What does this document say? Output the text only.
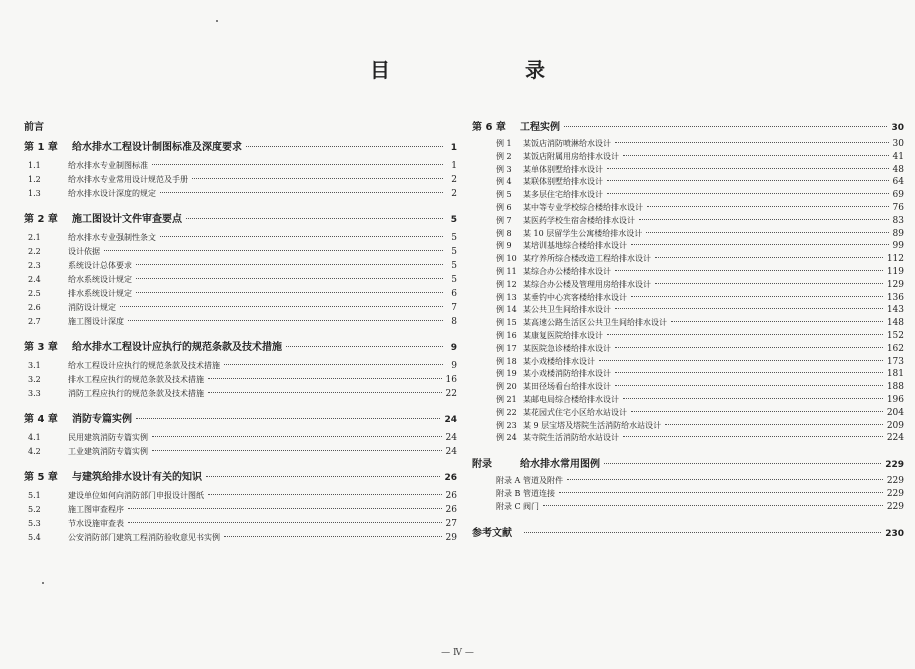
目 录
前言
第 1 章	给水排水工程设计制图标准及深度要求	1
1.1	给水排水专业制图标准	1
1.2	给水排水专业常用设计规范及手册	2
1.3	给水排水设计深度的规定	2
第 2 章	施工图设计文件审查要点	5
2.1	给水排水专业强制性条文	5
2.2	设计依据	5
2.3	系统设计总体要求	5
2.4	给水系统设计规定	5
2.5	排水系统设计规定	6
2.6	消防设计规定	7
2.7	施工图设计深度	8
第 3 章	给水排水工程设计应执行的规范条款及技术措施	9
3.1	给水工程设计应执行的规范条款及技术措施	9
3.2	排水工程应执行的规范条款及技术措施	16
3.3	消防工程应执行的规范条款及技术措施	22
第 4 章	消防专篇实例	24
4.1	民用建筑消防专篇实例	24
4.2	工业建筑消防专篇实例	24
第 5 章	与建筑给排水设计有关的知识	26
5.1	建设单位如何向消防部门申报设计图纸	26
5.2	施工图审查程序	26
5.3	节水设施审查表	27
5.4	公安消防部门建筑工程消防验收意见书实例	29
第 6 章	工程实例	30
例 1	某饭店消防喷淋给水设计	30
例 2	某饭店附属用房给排水设计	41
例 3	某单体别墅给排水设计	48
例 4	某联体别墅给排水设计	64
例 5	某多层住宅给排水设计	69
例 6	某中等专业学校综合楼给排水设计	76
例 7	某医药学校生宿舍楼给排水设计	83
例 8	某 10 层留学生公寓楼给排水设计	89
例 9	某培训基地综合楼给排水设计	99
例 10 某疗养所综合楼改造工程给排水设计	112
例 11 某综合办公楼给排水设计	119
例 12 某综合办公楼及管理用房给排水设计	129
例 13 某垂钓中心宾客楼给排水设计	136
例 14 某公共卫生间给排水设计	143
例 15 某高速公路生活区公共卫生间给排水设计	148
例 16 某康复医院给排水设计	152
例 17 某医院急诊楼给排水设计	162
例 18 某小戏楼给排水设计	173
例 19 某小戏楼消防给排水设计	181
例 20 某田径场看台给排水设计	188
例 21 某邮电局综合楼给排水设计	196
例 22 某花园式住宅小区给水站设计	204
例 23 某 9 层宝塔及塔院生活消防给水站设计	209
例 24 某寺院生活消防给水站设计	224
附录	给水排水常用图例	229
附录 A 管道及附件	229
附录 B 管道连接	229
附录 C 阀门	229
参考文献	230
— Ⅳ —
